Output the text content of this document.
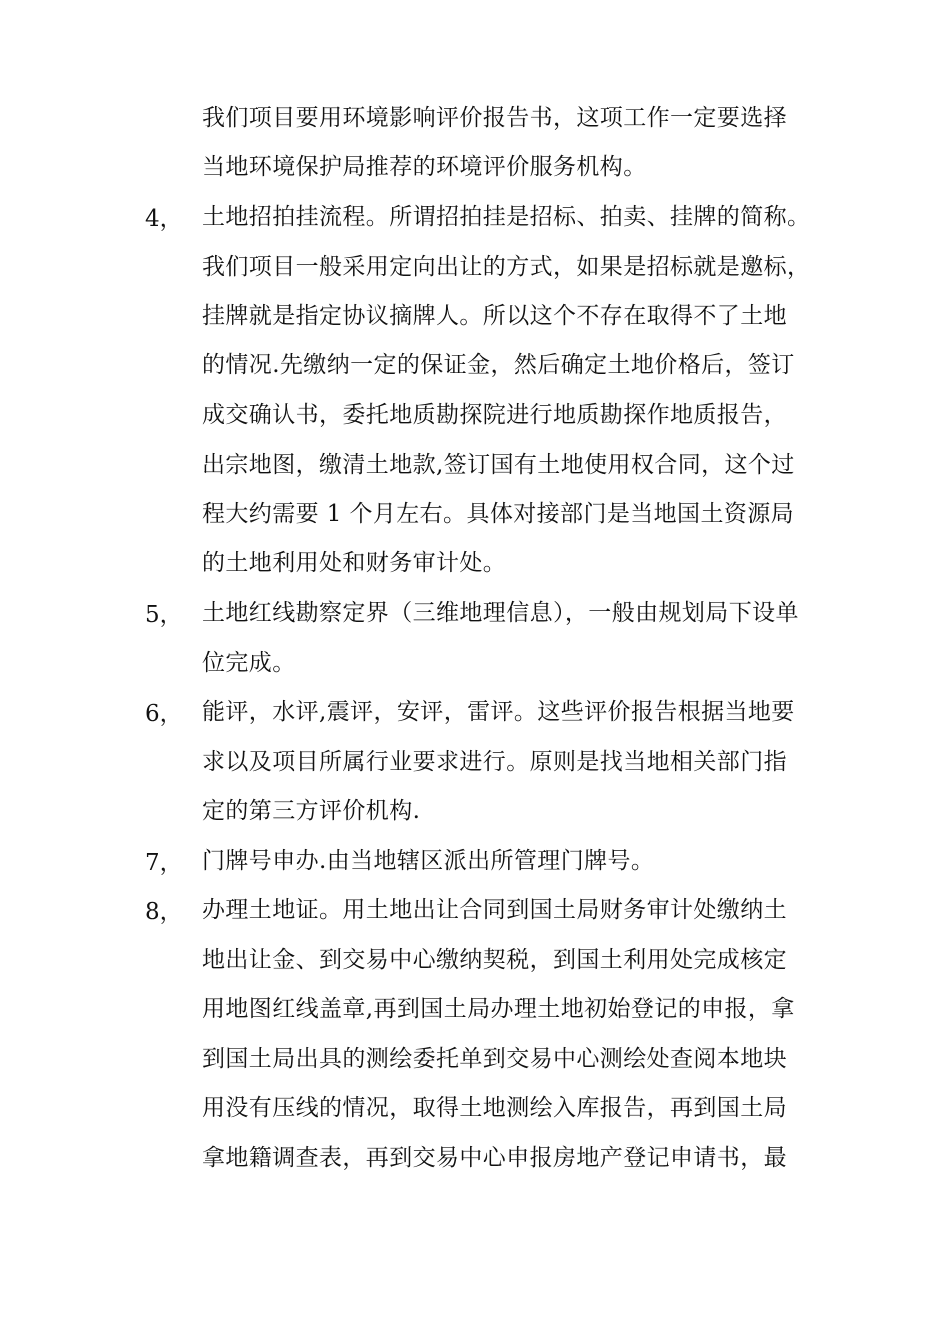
我们项目要用环境影响评价报告书，这项工作一定要选择
当地环境保护局推荐的环境评价服务机构。
4， 土地招拍挂流程。所谓招拍挂是招标、拍卖、挂牌的简称。
我们项目一般采用定向出让的方式，如果是招标就是邀标，
挂牌就是指定协议摘牌人。所以这个不存在取得不了土地
的情况.先缴纳一定的保证金，然后确定土地价格后，签订
成交确认书，委托地质勘探院进行地质勘探作地质报告，
出宗地图，缴清土地款,签订国有土地使用权合同，这个过
程大约需要 1 个月左右。具体对接部门是当地国土资源局
的土地利用处和财务审计处。
5， 土地红线勘察定界（三维地理信息），一般由规划局下设单
位完成。
6， 能评，水评,震评，安评，雷评。这些评价报告根据当地要
求以及项目所属行业要求进行。原则是找当地相关部门指
定的第三方评价机构.
7， 门牌号申办.由当地辖区派出所管理门牌号。
8， 办理土地证。用土地出让合同到国土局财务审计处缴纳土
地出让金、到交易中心缴纳契税，到国土利用处完成核定
用地图红线盖章,再到国土局办理土地初始登记的申报，拿
到国土局出具的测绘委托单到交易中心测绘处查阅本地块
用没有压线的情况，取得土地测绘入库报告，再到国土局
拿地籍调查表，再到交易中心申报房地产登记申请书，最
